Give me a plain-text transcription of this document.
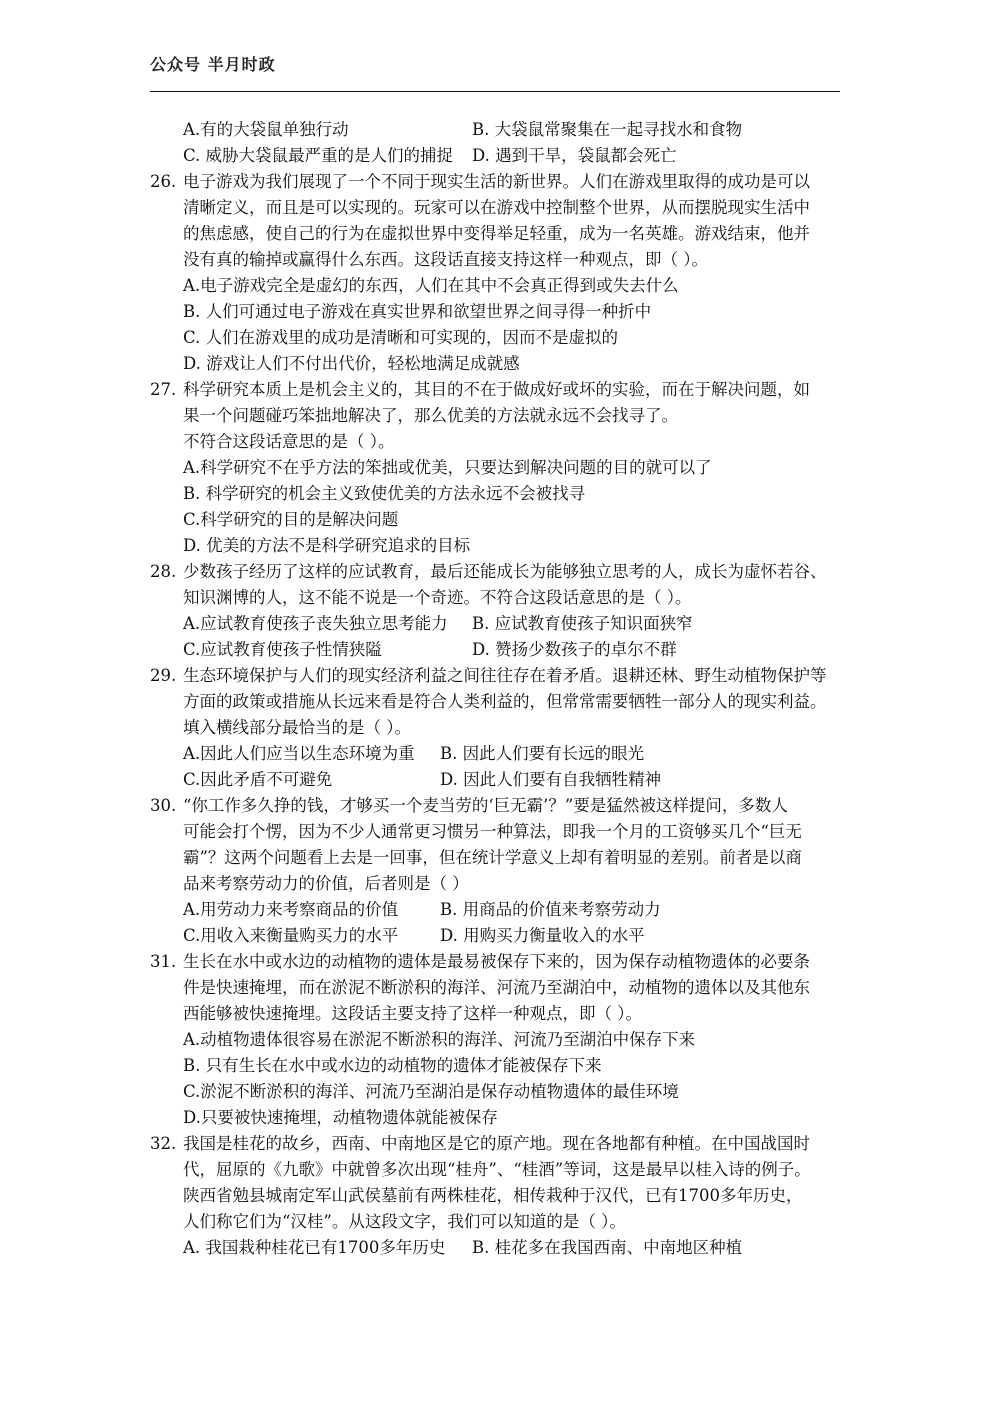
公众号 半月时政
A.有的大袋鼠单独行动	B. 大袋鼠常聚集在一起寻找水和食物
C. 威胁大袋鼠最严重的是人们的捕捉	D. 遇到干旱，袋鼠都会死亡
26. 电子游戏为我们展现了一个不同于现实生活的新世界。人们在游戏里取得的成功是可以
清晰定义，而且是可以实现的。玩家可以在游戏中控制整个世界，从而摆脱现实生活中
的焦虑感，使自己的行为在虚拟世界中变得举足轻重，成为一名英雄。游戏结束，他并
没有真的输掉或赢得什么东西。这段话直接支持这样一种观点，即（ ）。
A.电子游戏完全是虚幻的东西，人们在其中不会真正得到或失去什么
B. 人们可通过电子游戏在真实世界和欲望世界之间寻得一种折中
C. 人们在游戏里的成功是清晰和可实现的，因而不是虚拟的
D. 游戏让人们不付出代价，轻松地满足成就感
27. 科学研究本质上是机会主义的，其目的不在于做成好或坏的实验，而在于解决问题，如
果一个问题碰巧笨拙地解决了，那么优美的方法就永远不会找寻了。
不符合这段话意思的是（ ）。
A.科学研究不在乎方法的笨拙或优美，只要达到解决问题的目的就可以了
B. 科学研究的机会主义致使优美的方法永远不会被找寻
C.科学研究的目的是解决问题
D. 优美的方法不是科学研究追求的目标
28. 少数孩子经历了这样的应试教育，最后还能成长为能够独立思考的人，成长为虚怀若谷、
知识渊博的人，这不能不说是一个奇迹。不符合这段话意思的是（ ）。
A.应试教育使孩子丧失独立思考能力	B. 应试教育使孩子知识面狭窄
C.应试教育使孩子性情狭隘	D. 赞扬少数孩子的卓尔不群
29. 生态环境保护与人们的现实经济利益之间往往存在着矛盾。退耕还林、野生动植物保护等
方面的政策或措施从长远来看是符合人类利益的，但常常需要牺牲一部分人的现实利益。
填入横线部分最恰当的是（ ）。
A.因此人们应当以生态环境为重	B. 因此人们要有长远的眼光
C.因此矛盾不可避免	D. 因此人们要有自我牺牲精神
30. “你工作多久挣的钱，才够买一个麦当劳的‘巨无霸’？”要是猛然被这样提问，多数人
可能会打个愣，因为不少人通常更习惯另一种算法，即我一个月的工资够买几个“巨无
霸”？这两个问题看上去是一回事，但在统计学意义上却有着明显的差别。前者是以商
品来考察劳动力的价值，后者则是（ ）
A.用劳动力来考察商品的价值	B. 用商品的价值来考察劳动力
C.用收入来衡量购买力的水平	D. 用购买力衡量收入的水平
31. 生长在水中或水边的动植物的遗体是最易被保存下来的，因为保存动植物遗体的必要条
件是快速掩埋，而在淤泥不断淤积的海洋、河流乃至湖泊中，动植物的遗体以及其他东
西能够被快速掩埋。这段话主要支持了这样一种观点，即（ ）。
A.动植物遗体很容易在淤泥不断淤积的海洋、河流乃至湖泊中保存下来
B. 只有生长在水中或水边的动植物的遗体才能被保存下来
C.淤泥不断淤积的海洋、河流乃至湖泊是保存动植物遗体的最佳环境
D.只要被快速掩埋，动植物遗体就能被保存
32. 我国是桂花的故乡，西南、中南地区是它的原产地。现在各地都有种植。在中国战国时
代，屈原的《九歌》中就曾多次出现“桂舟”、“桂酒”等词，这是最早以桂入诗的例子。
陕西省勉县城南定军山武侯墓前有两株桂花，相传栽种于汉代，已有1700多年历史，
人们称它们为“汉桂”。从这段文字，我们可以知道的是（ ）。
A. 我国栽种桂花已有1700多年历史	B. 桂花多在我国西南、中南地区种植
